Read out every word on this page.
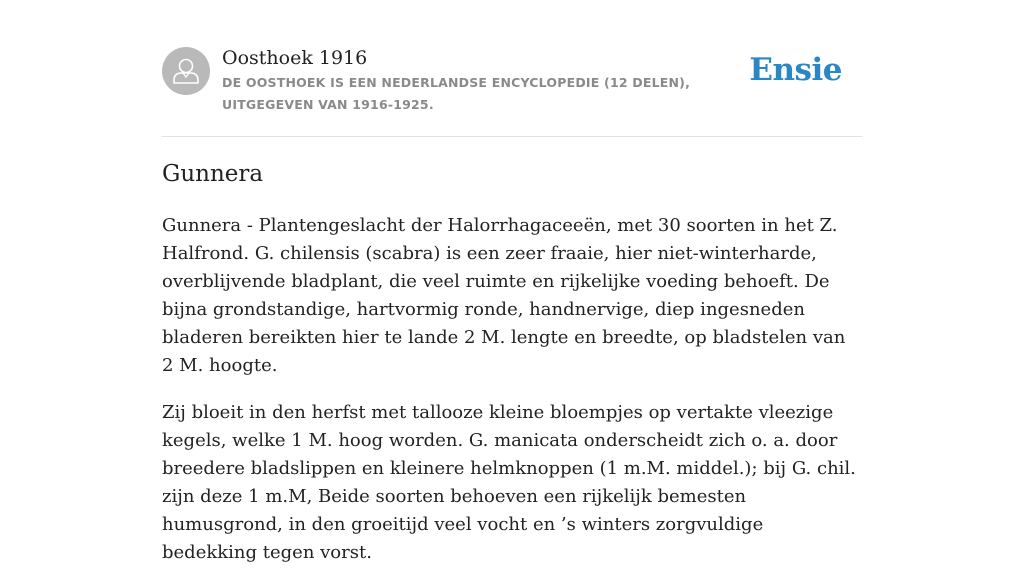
Oosthoek 1916
DE OOSTHOEK IS EEN NEDERLANDSE ENCYCLOPEDIE (12 DELEN), UITGEGEVEN VAN 1916-1925.
Ensie
Gunnera

Gunnera - Plantengeslacht der Halorrhagaceeën, met 30 soorten in het Z. Halfrond. G. chilensis (scabra) is een zeer fraaie, hier niet-winterharde, overblijvende bladplant, die veel ruimte en rijkelijke voeding behoeft. De bijna grondstandige, hartvormig ronde, handnervige, diep ingesneden bladeren bereikten hier te lande 2 M. lengte en breedte, op bladstelen van 2 M. hoogte.

Zij bloeit in den herfst met tallooze kleine bloempjes op vertakte vleezige kegels, welke 1 M. hoog worden. G. manicata onderscheidt zich o. a. door breedere bladslippen en kleinere helmknoppen (1 m.M. middel.); bij G. chil. zijn deze 1 m.M, Beide soorten behoeven een rijkelijk bemesten humusgrond, in den groeitijd veel vocht en ’s winters zorgvuldige bedekking tegen vorst.
